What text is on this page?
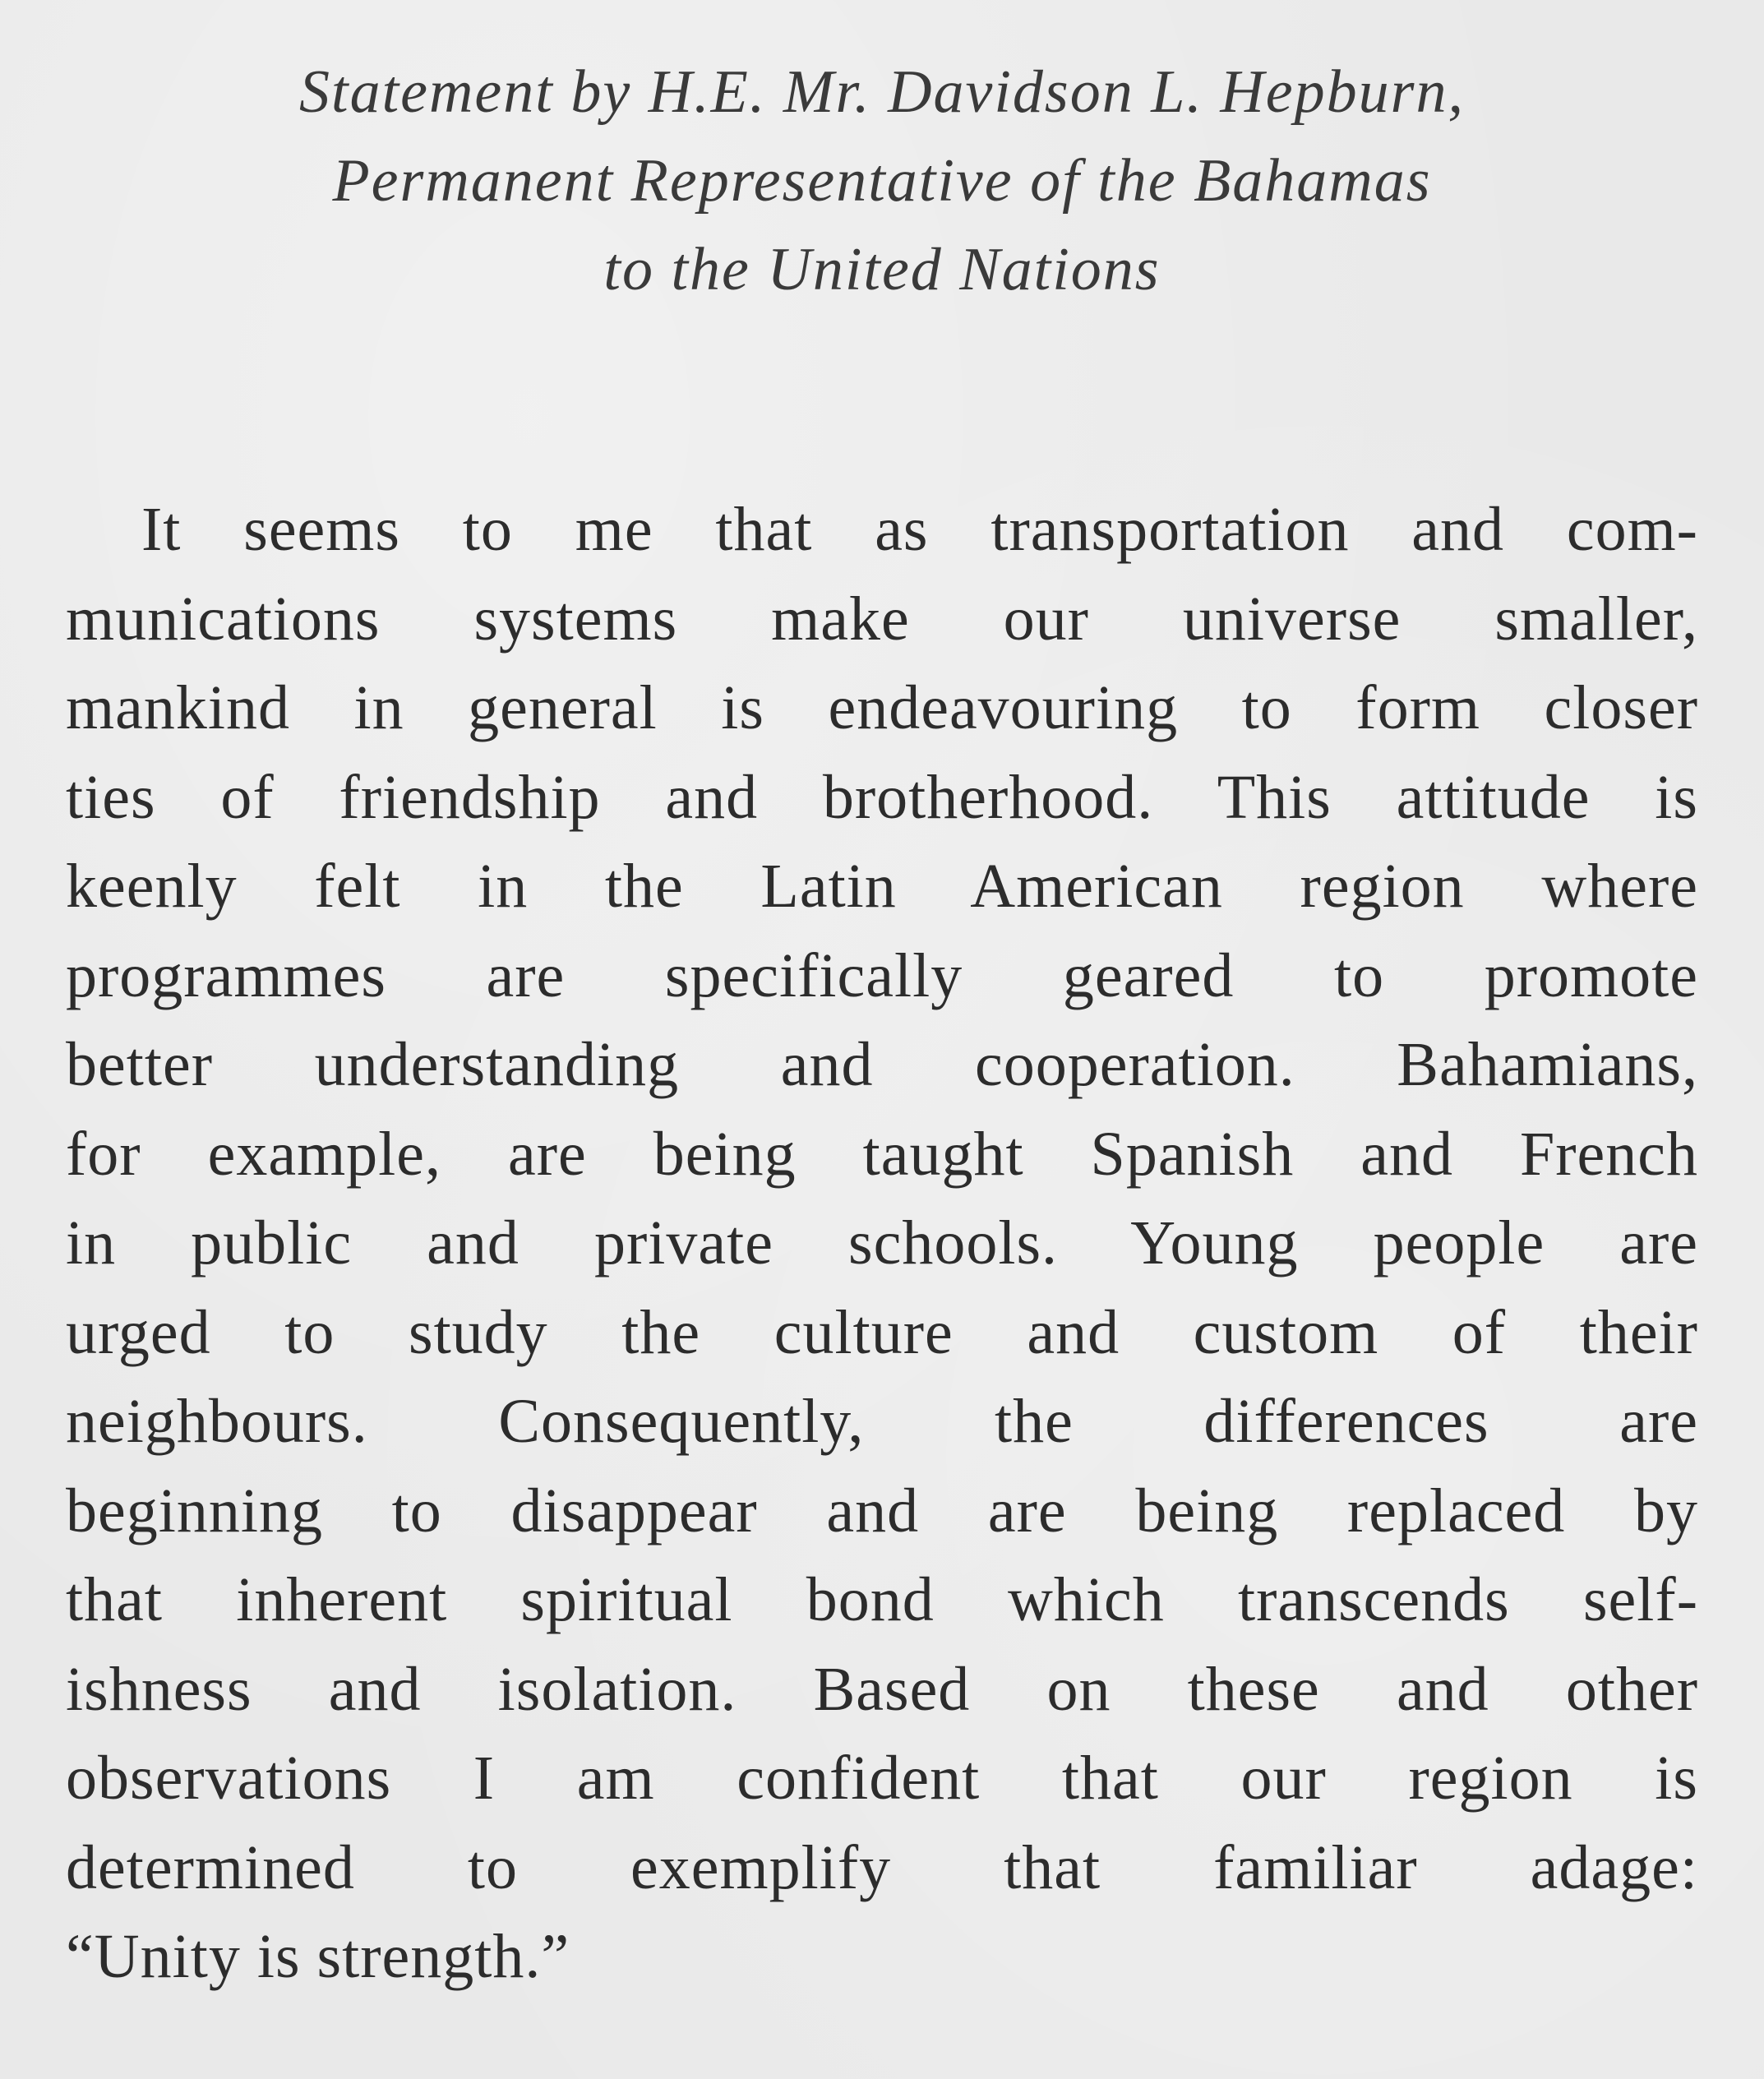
Statement by H.E. Mr. Davidson L. Hepburn,
Permanent Representative of the Bahamas
to the United Nations
It seems to me that as transportation and com-
munications systems make our universe smaller,
mankind in general is endeavouring to form closer
ties of friendship and brotherhood. This attitude is
keenly felt in the Latin American region where
programmes are specifically geared to promote
better understanding and cooperation. Bahamians,
for example, are being taught Spanish and French
in public and private schools. Young people are
urged to study the culture and custom of their
neighbours. Consequently, the differences are
beginning to disappear and are being replaced by
that inherent spiritual bond which transcends self-
ishness and isolation. Based on these and other
observations I am confident that our region is
determined to exemplify that familiar adage:
“Unity is strength.”
